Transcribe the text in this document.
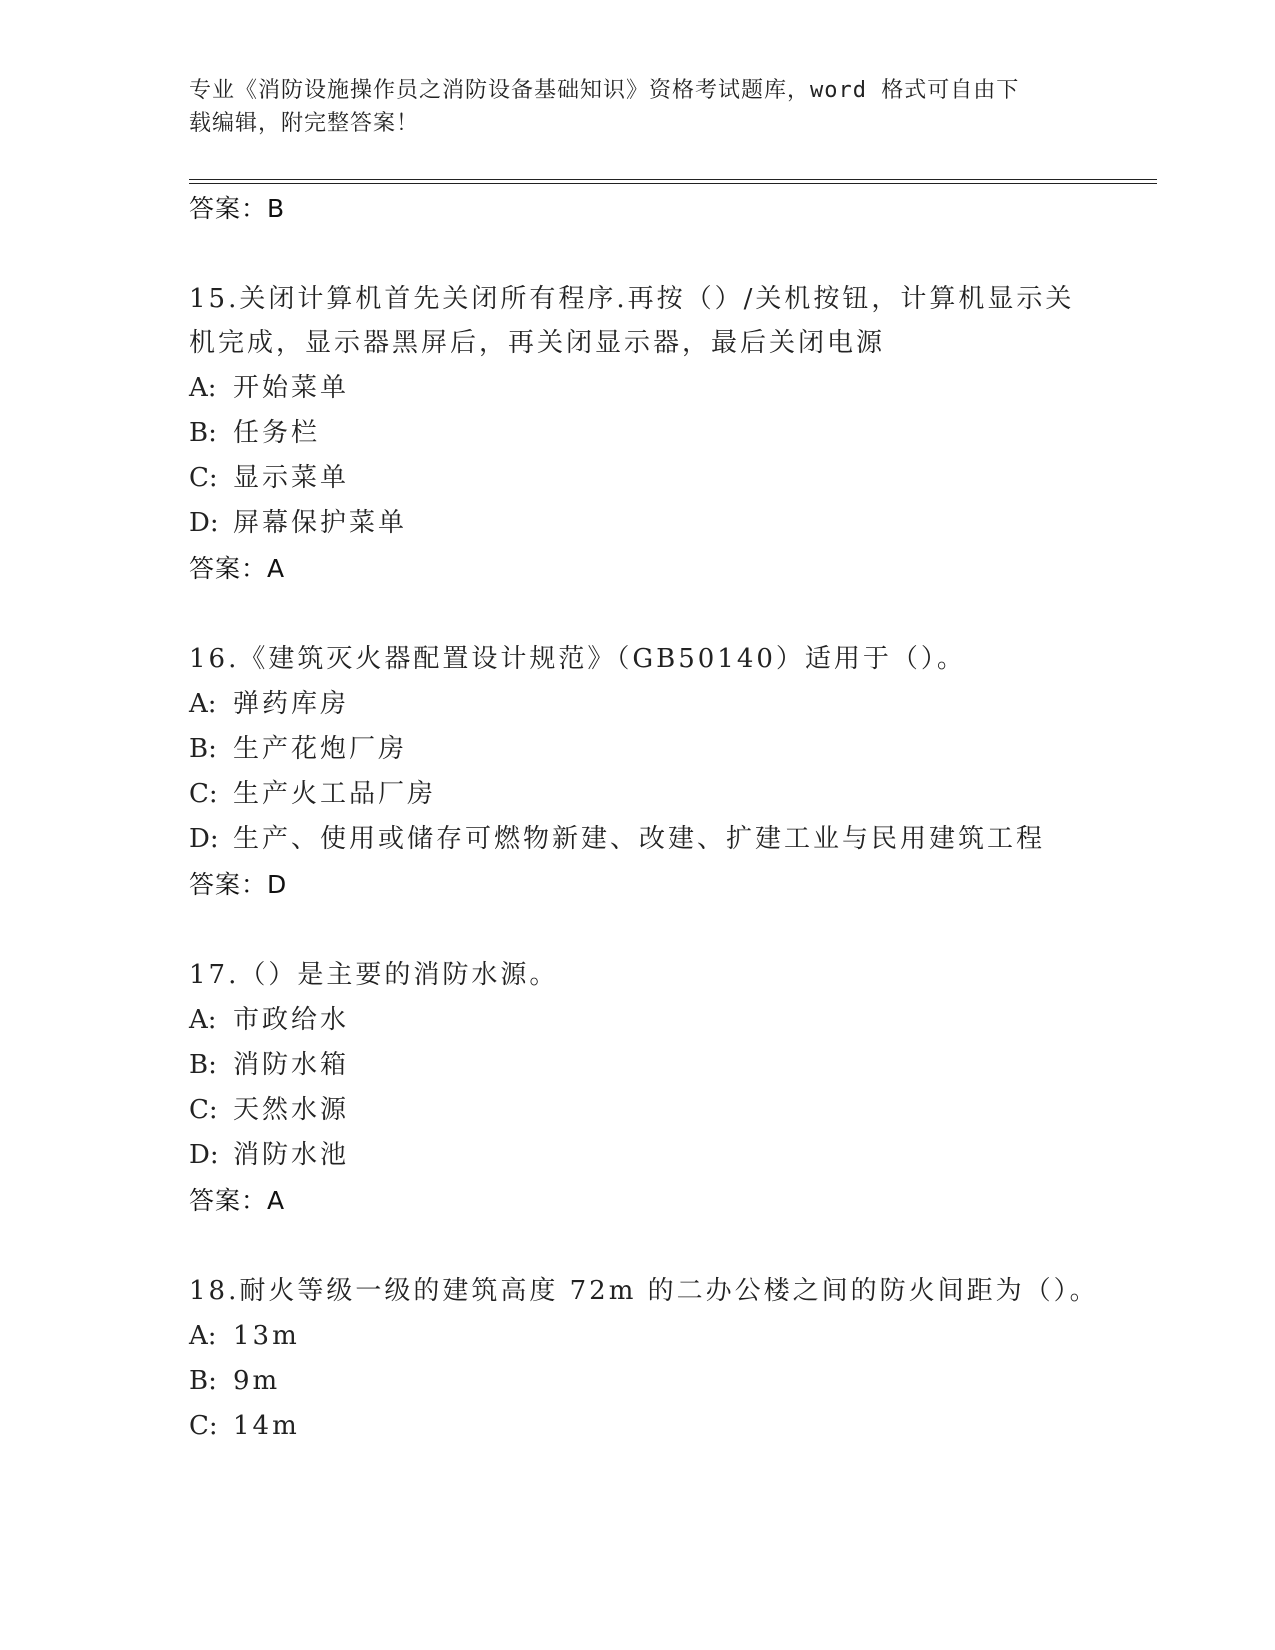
专业《消防设施操作员之消防设备基础知识》资格考试题库，word 格式可自由下
载编辑，附完整答案！
答案：B
15.关闭计算机首先关闭所有程序.再按（）/关机按钮，计算机显示关
机完成，显示器黑屏后，再关闭显示器，最后关闭电源
A: 开始菜单
B: 任务栏
C: 显示菜单
D: 屏幕保护菜单
答案：A
16.《建筑灭火器配置设计规范》（GB50140）适用于（）。
A: 弹药库房
B: 生产花炮厂房
C: 生产火工品厂房
D: 生产、使用或储存可燃物新建、改建、扩建工业与民用建筑工程
答案：D
17.（）是主要的消防水源。
A: 市政给水
B: 消防水箱
C: 天然水源
D: 消防水池
答案：A
18.耐火等级一级的建筑高度 72m 的二办公楼之间的防火间距为（）。
A: 13m
B: 9m
C: 14m
